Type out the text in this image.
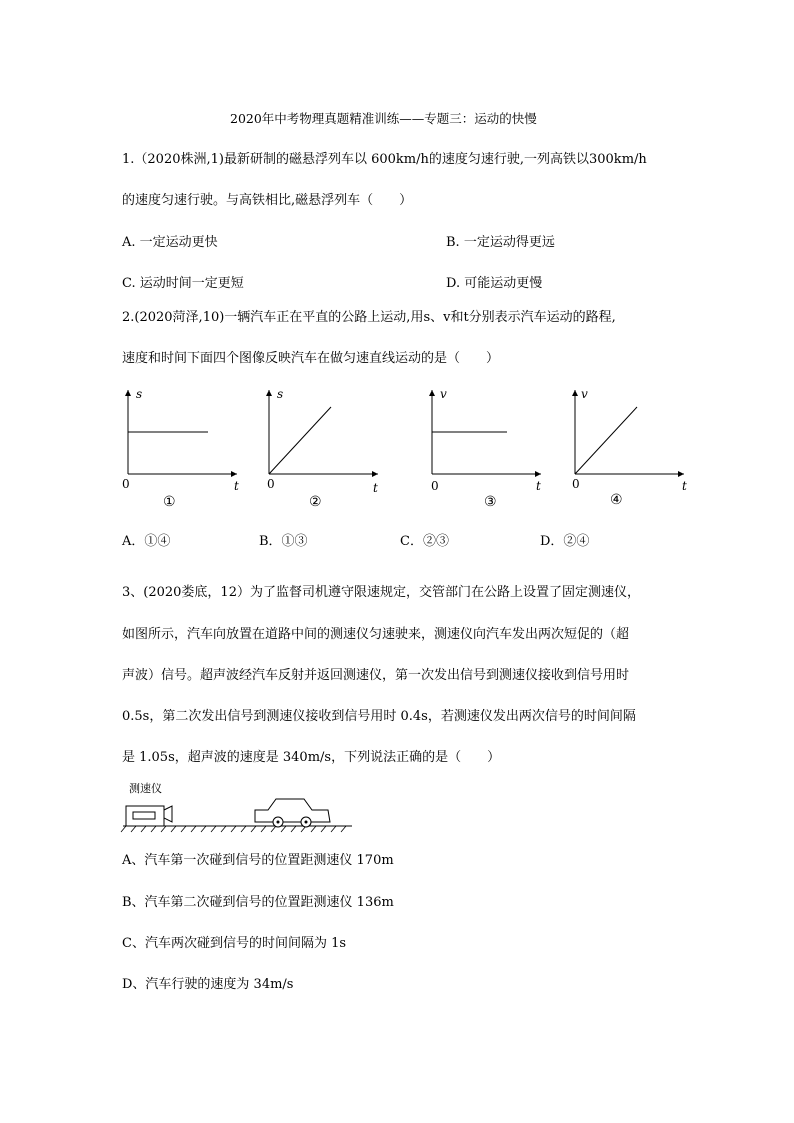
2020年中考物理真题精准训练——专题三：运动的快慢
1.（2020株洲,1)最新研制的磁悬浮列车以 600km/h的速度匀速行驶,一列高铁以300km/h
的速度匀速行驶。与高铁相比,磁悬浮列车（　　）
A. 一定运动更快	B. 一定运动得更远
C. 运动时间一定更短	D. 可能运动更慢
2.(2020菏泽,10)一辆汽车正在平直的公路上运动,用s、v和t分别表示汽车运动的路程,
速度和时间下面四个图像反映汽车在做匀速直线运动的是（　　）
s
t
0
①
s
t
0
②
v
t
0
③
v
t
0
④
A．①④	B．①③	C．②③	D．②④
3、(2020娄底，12）为了监督司机遵守限速规定，交管部门在公路上设置了固定测速仪，
如图所示，汽车向放置在道路中间的测速仪匀速驶来，测速仪向汽车发出两次短促的（超
声波）信号。超声波经汽车反射并返回测速仪，第一次发出信号到测速仪接收到信号用时
0.5s，第二次发出信号到测速仪接收到信号用时 0.4s，若测速仪发出两次信号的时间间隔
是 1.05s，超声波的速度是 340m/s，下列说法正确的是（　　）
测速仪
A、汽车第一次碰到信号的位置距测速仪 170m
B、汽车第二次碰到信号的位置距测速仪 136m
C、汽车两次碰到信号的时间间隔为 1s
D、汽车行驶的速度为 34m/s
